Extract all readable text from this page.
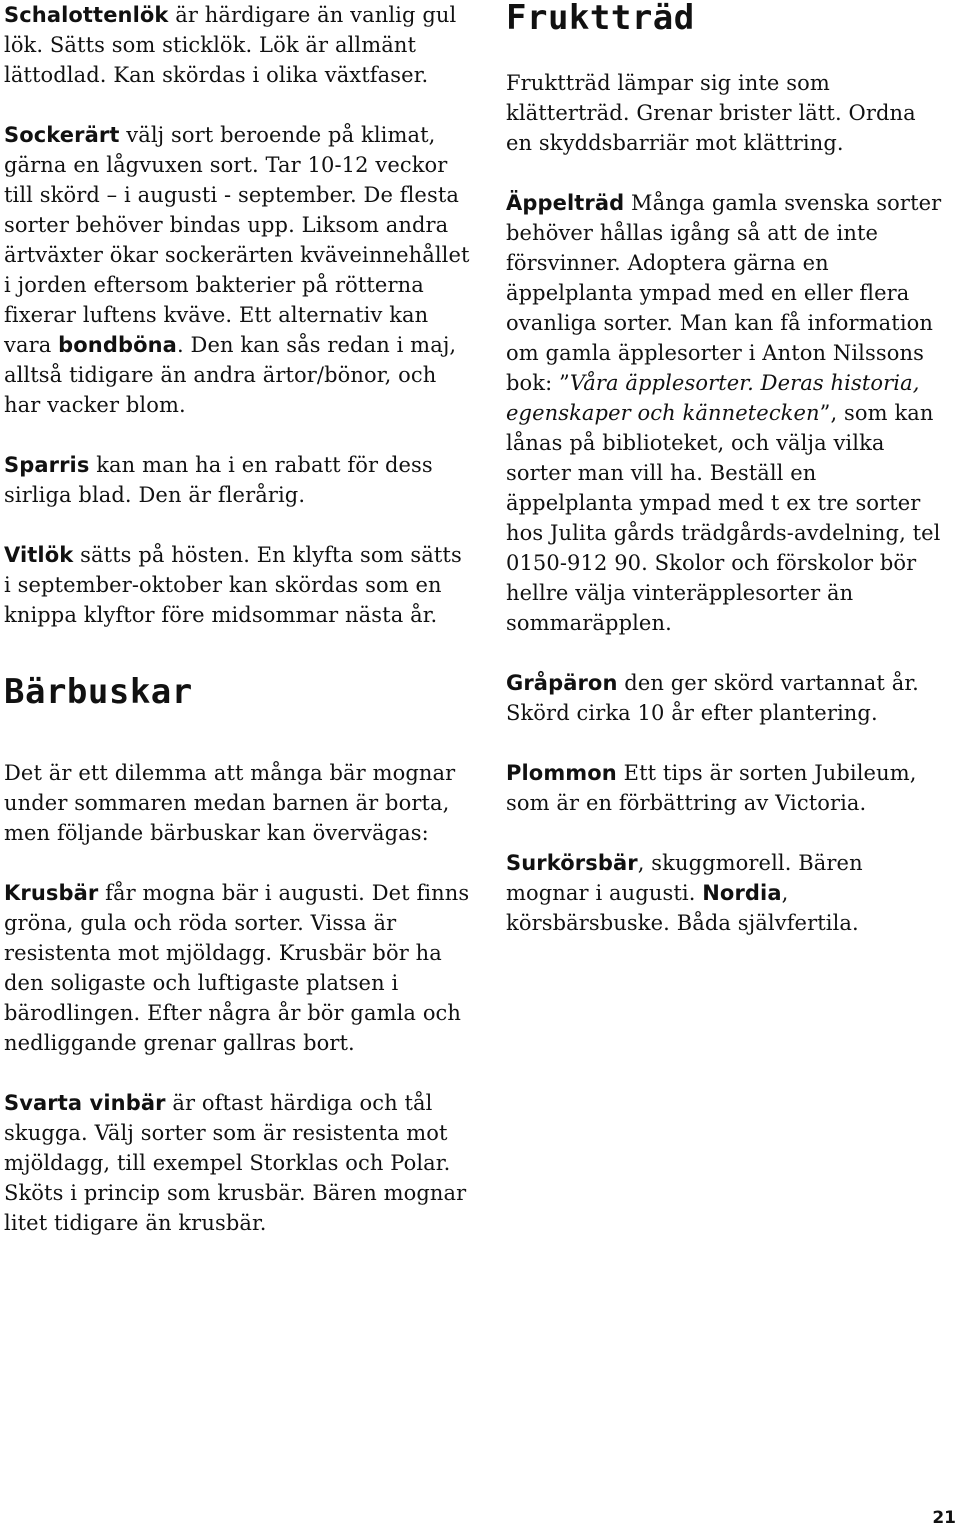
Schalottenlök är härdigare än vanlig gul lök. Sätts som sticklök. Lök är allmänt lättodlad. Kan skördas i olika växtfaser.

Sockerärt välj sort beroende på klimat, gärna en lågvuxen sort. Tar 10-12 veckor till skörd – i augusti - september. De flesta sorter behöver bindas upp. Liksom andra ärtväxter ökar sockerärten kväveinnehållet i jorden eftersom bakterier på rötterna fixerar luftens kväve. Ett alternativ kan vara bondböna. Den kan sås redan i maj, alltså tidigare än andra ärtor/bönor, och har vacker blom.

Sparris kan man ha i en rabatt för dess sirliga blad. Den är flerårig.

Vitlök sätts på hösten. En klyfta som sätts i september-oktober kan skördas som en knippa klyftor före midsommar nästa år.

Bärbuskar

Det är ett dilemma att många bär mognar under sommaren medan barnen är borta, men följande bärbuskar kan övervägas:

Krusbär får mogna bär i augusti. Det finns gröna, gula och röda sorter. Vissa är resistenta mot mjöldagg. Krusbär bör ha den soligaste och luftigaste platsen i bärodlingen. Efter några år bör gamla och nedliggande grenar gallras bort.

Svarta vinbär är oftast härdiga och tål skugga. Välj sorter som är resistenta mot mjöldagg, till exempel Storklas och Polar. Sköts i princip som krusbär. Bären mognar litet tidigare än krusbär.

Fruktträd

Fruktträd lämpar sig inte som klätterträd. Grenar brister lätt. Ordna en skyddsbarriär mot klättring.

Äppelträd Många gamla svenska sorter behöver hållas igång så att de inte försvinner. Adoptera gärna en äppelplanta ympad med en eller flera ovanliga sorter. Man kan få information om gamla äpplesorter i Anton Nilssons bok: ”Våra äpplesorter. Deras historia, egenskaper och kännetecken”, som kan lånas på biblioteket, och välja vilka sorter man vill ha. Beställ en äppelplanta ympad med t ex tre sorter hos Julita gårds trädgårds-avdelning, tel 0150-912 90. Skolor och förskolor bör hellre välja vinteräpplesorter än sommaräpplen.

Gråpäron den ger skörd vartannat år. Skörd cirka 10 år efter plantering.

Plommon Ett tips är sorten Jubileum, som är en förbättring av Victoria.

Surkörsbär, skuggmorell. Bären mognar i augusti. Nordia, körsbärsbuske. Båda självfertila.

21
